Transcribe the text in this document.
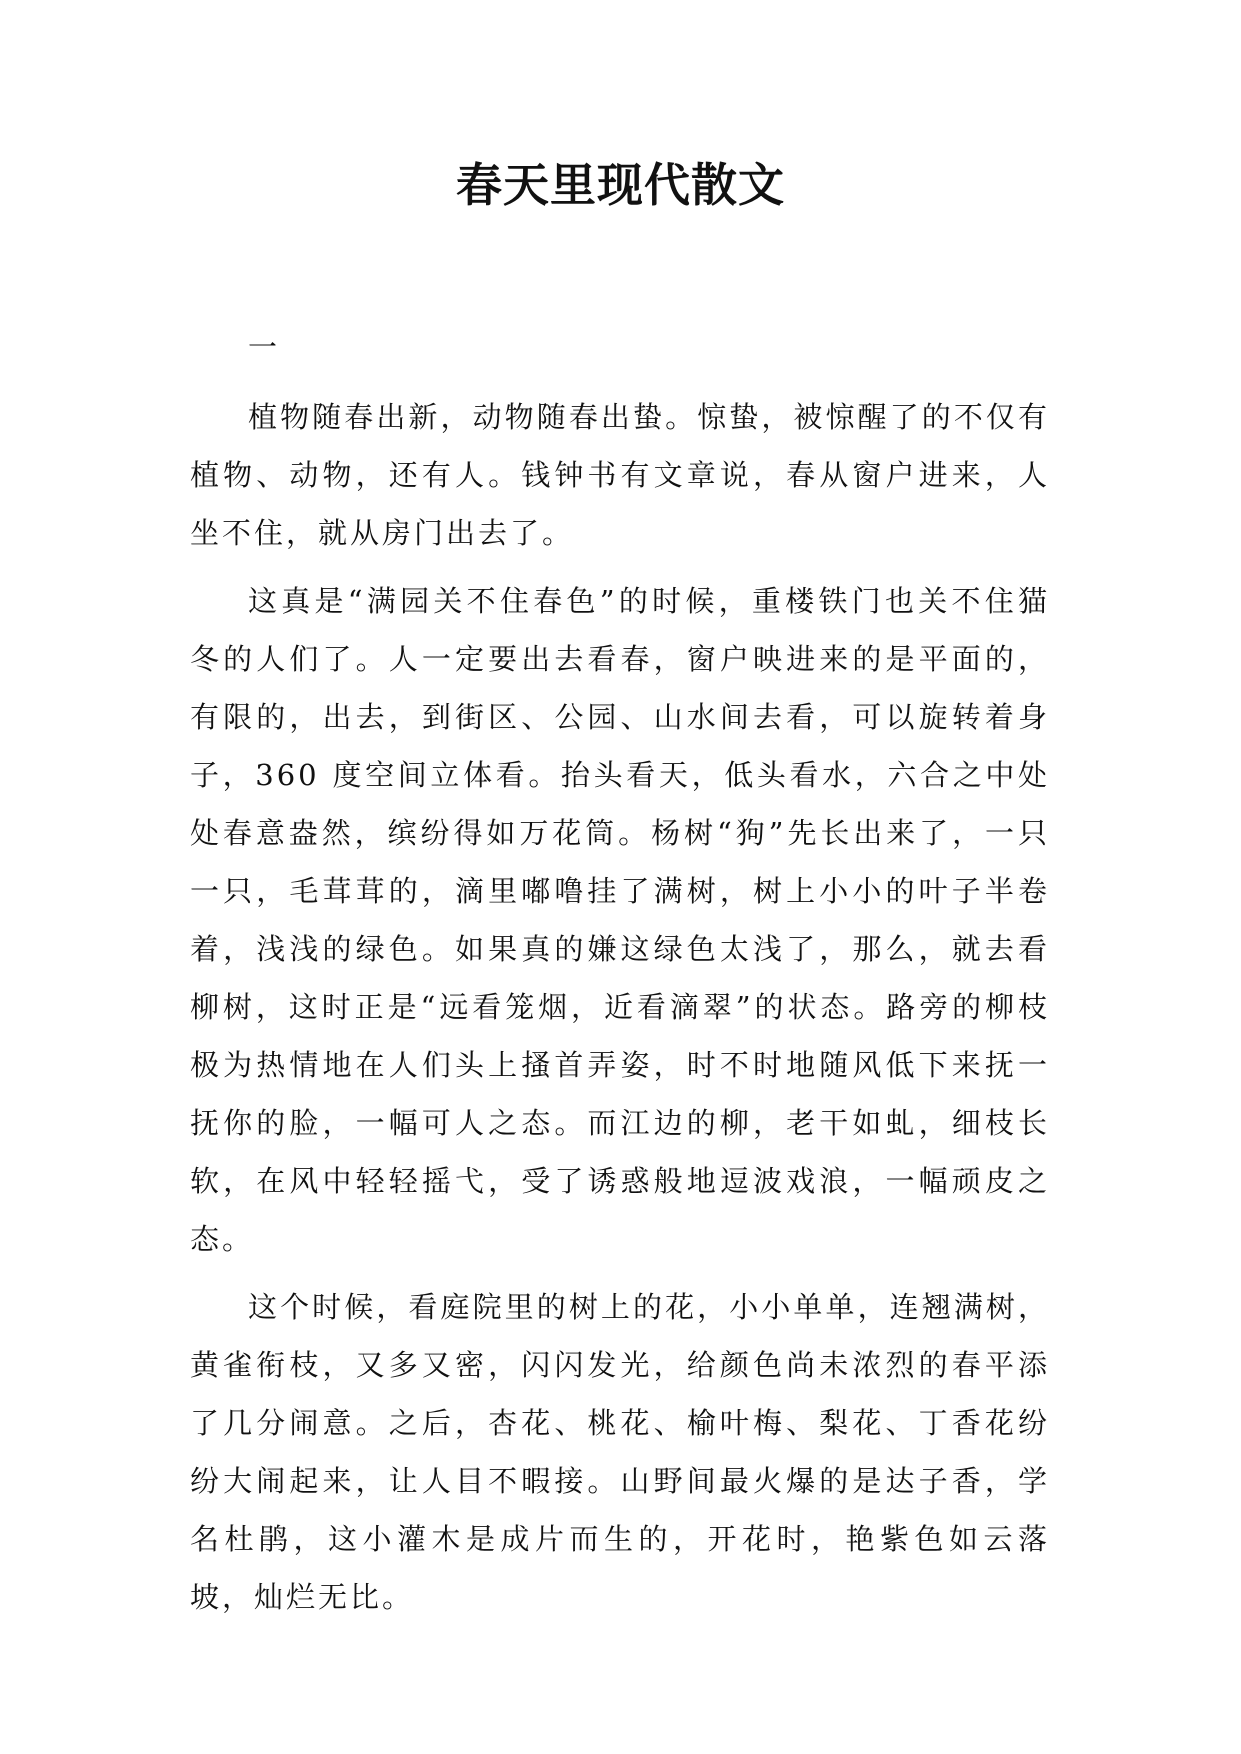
春天里现代散文

一

植物随春出新，动物随春出蛰。惊蛰，被惊醒了的不仅有植物、动物，还有人。钱钟书有文章说，春从窗户进来，人坐不住，就从房门出去了。

这真是“满园关不住春色”的时候，重楼铁门也关不住猫冬的人们了。人一定要出去看春，窗户映进来的是平面的，有限的，出去，到街区、公园、山水间去看，可以旋转着身子，360 度空间立体看。抬头看天，低头看水，六合之中处处春意盎然，缤纷得如万花筒。杨树“狗”先长出来了，一只一只，毛茸茸的，滴里嘟噜挂了满树，树上小小的叶子半卷着，浅浅的绿色。如果真的嫌这绿色太浅了，那么，就去看柳树，这时正是“远看笼烟，近看滴翠”的状态。路旁的柳枝极为热情地在人们头上搔首弄姿，时不时地随风低下来抚一抚你的脸，一幅可人之态。而江边的柳，老干如虬，细枝长软，在风中轻轻摇弋，受了诱惑般地逗波戏浪，一幅顽皮之态。

这个时候，看庭院里的树上的花，小小单单，连翘满树，黄雀衔枝，又多又密，闪闪发光，给颜色尚未浓烈的春平添了几分闹意。之后，杏花、桃花、榆叶梅、梨花、丁香花纷纷大闹起来，让人目不暇接。山野间最火爆的是达子香，学名杜鹃，这小灌木是成片而生的，开花时，艳紫色如云落坡，灿烂无比。
